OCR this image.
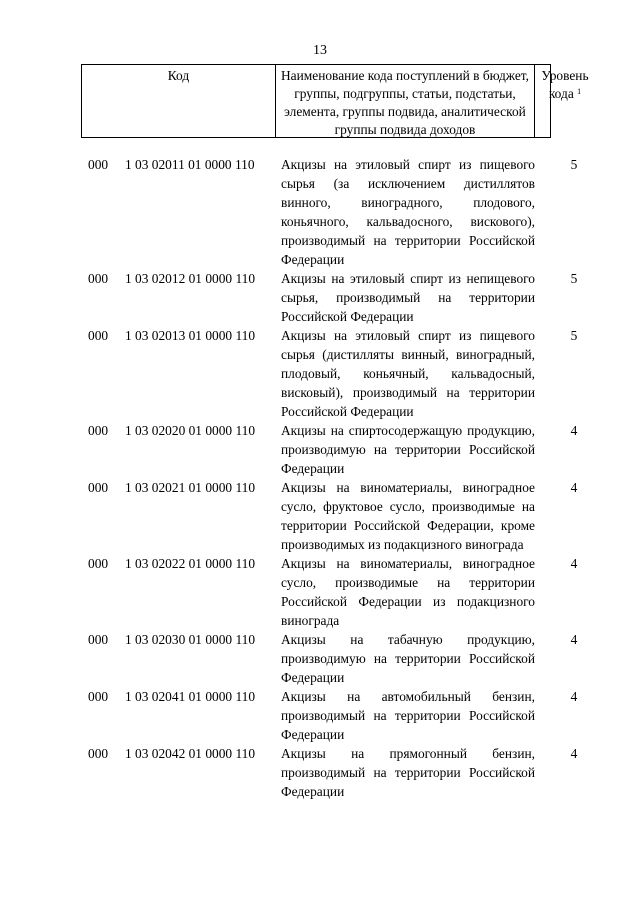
13
Код	Наименование кода поступлений в бюджет, группы, подгруппы, статьи, подстатьи, элемента, группы подвида, аналитической группы подвида доходов
Уровень кода $^1$
000 1 03 02011 01 0000 110 Акцизы на этиловый спирт из пищевого сырья (за исключением дистиллятов винного, виноградного, плодового, коньячного, кальвадосного, вискового), производимый на территории Российской Федерации
5
000 1 03 02012 01 0000 110 Акцизы на этиловый спирт из непищевого сырья, производимый на территории Российской Федерации
5
000 1 03 02013 01 0000 110 Акцизы на этиловый спирт из пищевого сырья (дистилляты винный, виноградный, плодовый, коньячный, кальвадосный, висковый), производимый на территории Российской Федерации
5
000 1 03 02020 01 0000 110 Акцизы на спиртосодержащую продукцию, производимую на территории Российской Федерации
4
000 1 03 02021 01 0000 110 Акцизы на виноматериалы, виноградное сусло, фруктовое сусло, производимые на территории Российской Федерации, кроме производимых из подакцизного винограда
4
000 1 03 02022 01 0000 110 Акцизы на виноматериалы, виноградное сусло, производимые на территории Российской Федерации из подакцизного винограда
4
000 1 03 02030 01 0000 110 Акцизы на табачную продукцию, производимую на территории Российской Федерации
4
000 1 03 02041 01 0000 110 Акцизы на автомобильный бензин, производимый на территории Российской Федерации
4
000 1 03 02042 01 0000 110 Акцизы на прямогонный бензин, производимый на территории Российской Федерации
4
